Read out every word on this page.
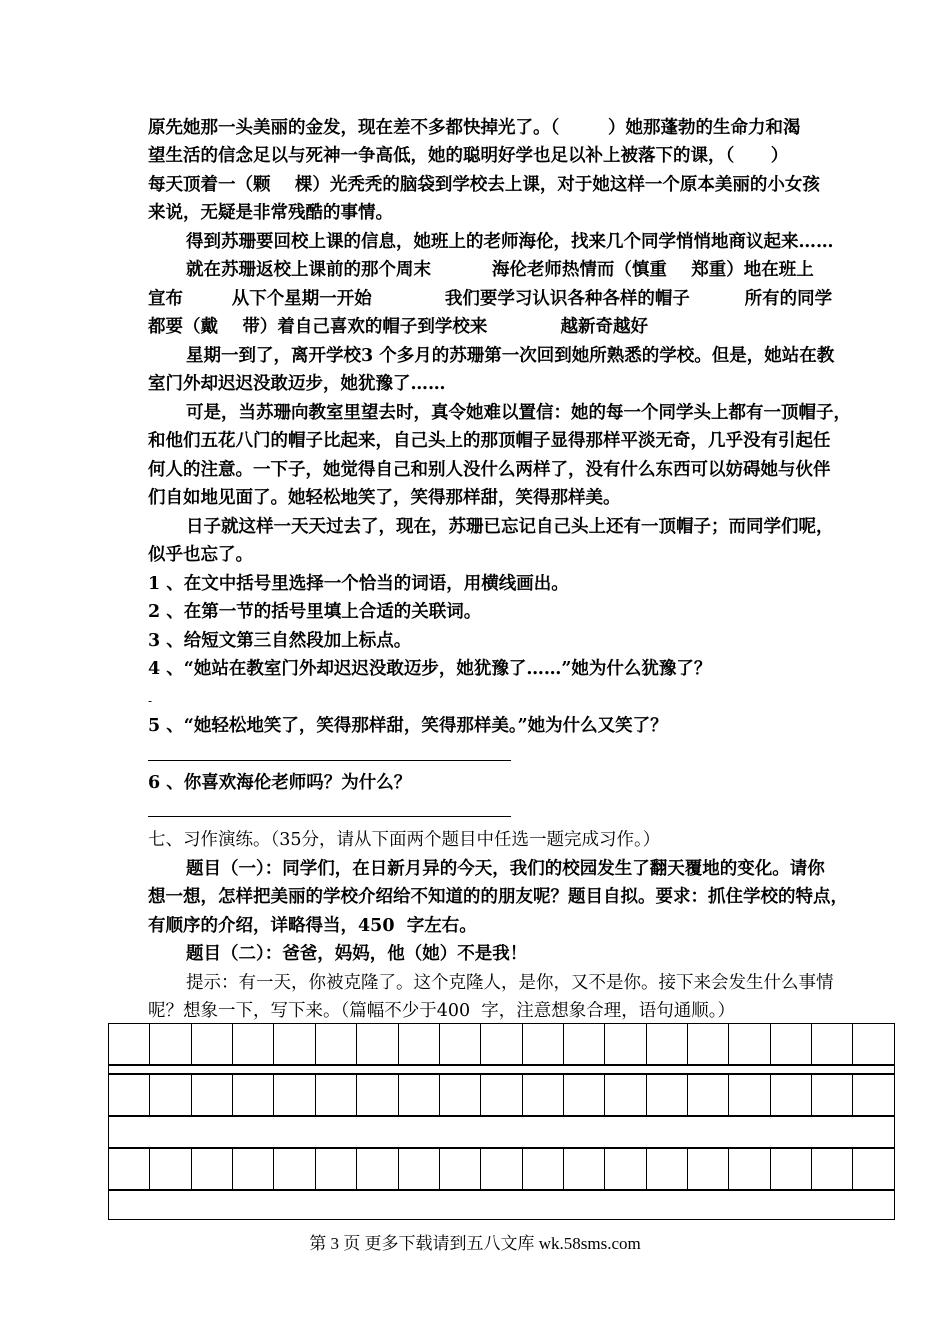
原先她那一头美丽的金发，现在差不多都快掉光了。（        ）她那蓬勃的生命力和渴
望生活的信念足以与死神一争高低，她的聪明好学也足以补上被落下的课，（      ）
每天顶着一（颗    棵）光秃秃的脑袋到学校去上课，对于她这样一个原本美丽的小女孩
来说，无疑是非常残酷的事情。
得到苏珊要回校上课的信息，她班上的老师海伦，找来几个同学悄悄地商议起来……
就在苏珊返校上课前的那个周末          海伦老师热情而（慎重    郑重）地在班上
宣布        从下个星期一开始            我们要学习认识各种各样的帽子         所有的同学
都要（戴    带）着自己喜欢的帽子到学校来            越新奇越好
星期一到了，离开学校3 个多月的苏珊第一次回到她所熟悉的学校。但是，她站在教
室门外却迟迟没敢迈步，她犹豫了……
可是，当苏珊向教室里望去时，真令她难以置信：她的每一个同学头上都有一顶帽子，
和他们五花八门的帽子比起来，自己头上的那顶帽子显得那样平淡无奇，几乎没有引起任
何人的注意。一下子，她觉得自己和别人没什么两样了，没有什么东西可以妨碍她与伙伴
们自如地见面了。她轻松地笑了，笑得那样甜，笑得那样美。
日子就这样一天天过去了，现在，苏珊已忘记自己头上还有一顶帽子；而同学们呢，
似乎也忘了。
1 、在文中括号里选择一个恰当的词语，用横线画出。
2 、在第一节的括号里填上合适的关联词。
3 、给短文第三自然段加上标点。
4 、“她站在教室门外却迟迟没敢迈步，她犹豫了……”她为什么犹豫了？
-
5 、“她轻松地笑了，笑得那样甜，笑得那样美。”她为什么又笑了？
6 、你喜欢海伦老师吗？为什么？
七、习作演练。（35分，请从下面两个题目中任选一题完成习作。）
题目（一）：同学们，在日新月异的今天，我们的校园发生了翻天覆地的变化。请你
想一想，怎样把美丽的学校介绍给不知道的的朋友呢？题目自拟。要求：抓住学校的特点，
有顺序的介绍，详略得当，450  字左右。
题目（二）：爸爸，妈妈，他（她）不是我！
提示：有一天，你被克隆了。这个克隆人，是你，又不是你。接下来会发生什么事情
呢？想象一下，写下来。（篇幅不少于400  字，注意想象合理，语句通顺。）

第 3 页 更多下载请到五八文库 wk.58sms.com
